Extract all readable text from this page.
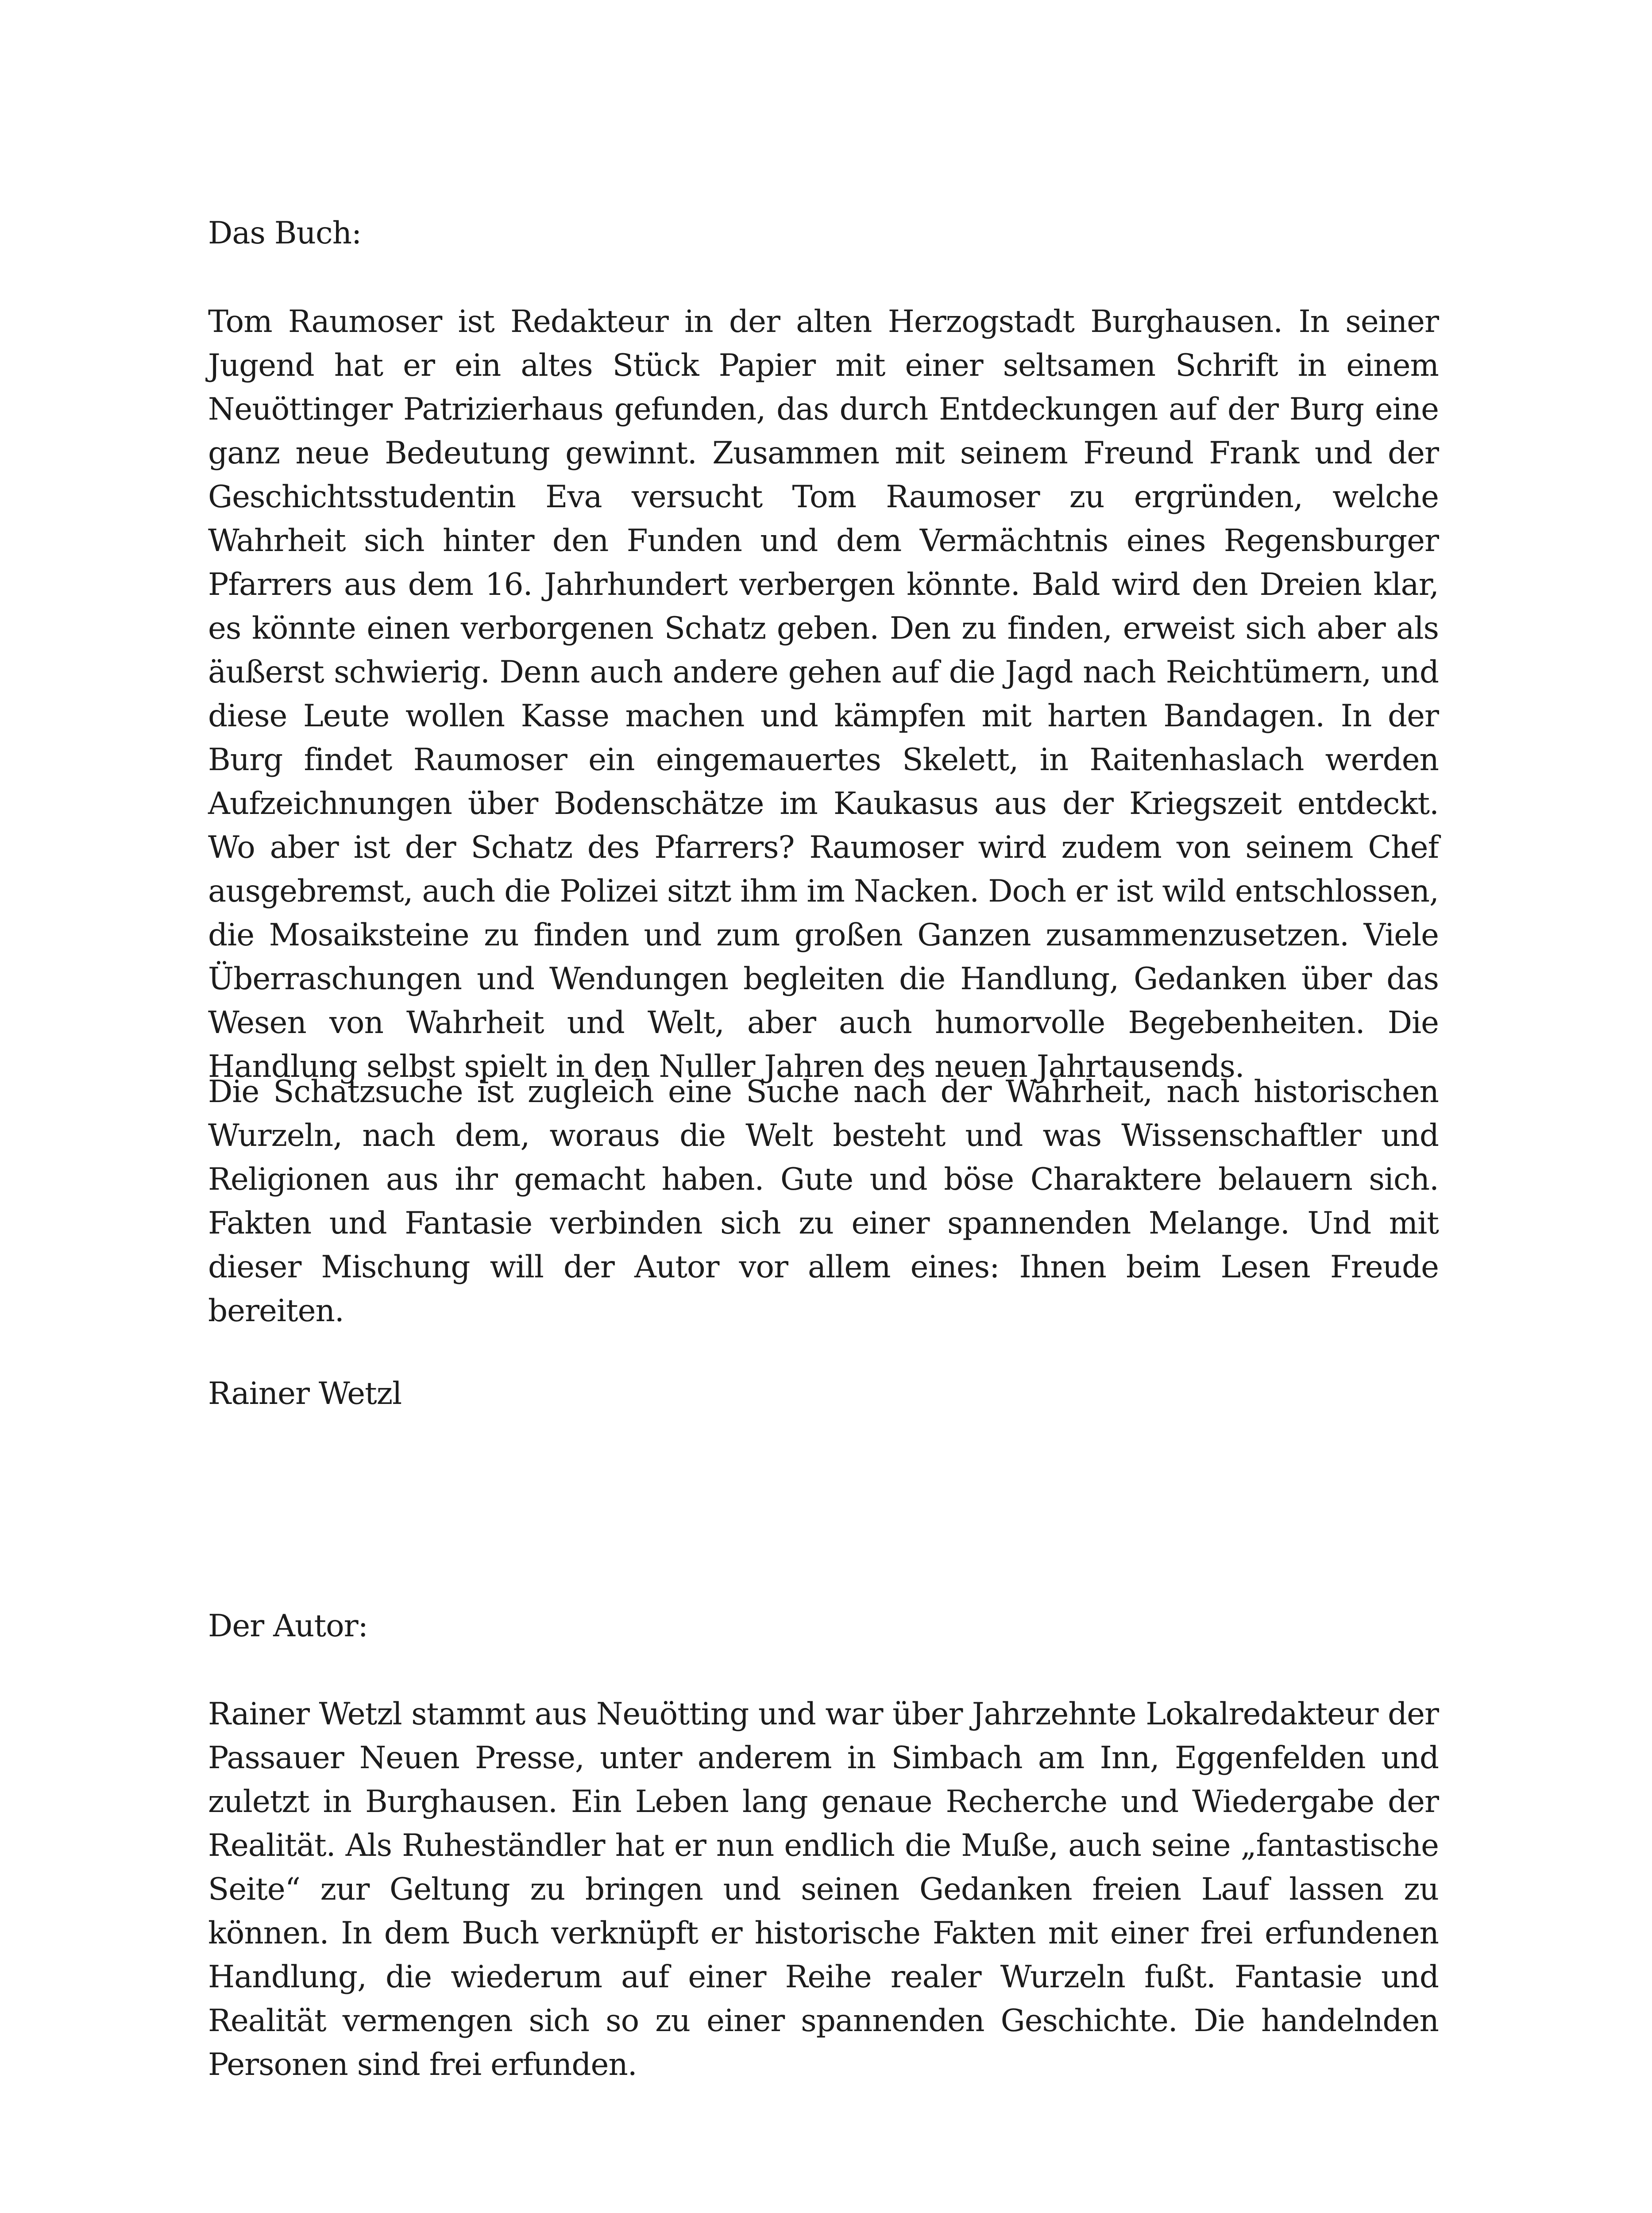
Das Buch:

Tom Raumoser ist Redakteur in der alten Herzogstadt Burghausen. In seiner Jugend hat er ein altes Stück Papier mit einer seltsamen Schrift in einem Neuöttinger Patrizierhaus gefunden, das durch Entdeckungen auf der Burg eine ganz neue Bedeutung gewinnt. Zusammen mit seinem Freund Frank und der Geschichtsstudentin Eva versucht Tom Raumoser zu ergründen, welche Wahrheit sich hinter den Funden und dem Vermächtnis eines Regensburger Pfarrers aus dem 16. Jahrhundert verbergen könnte. Bald wird den Dreien klar, es könnte einen verborgenen Schatz geben. Den zu finden, erweist sich aber als äußerst schwierig. Denn auch andere gehen auf die Jagd nach Reichtümern, und diese Leute wollen Kasse machen und kämpfen mit harten Bandagen. In der Burg findet Raumoser ein eingemauertes Skelett, in Raitenhaslach werden Aufzeichnungen über Bodenschätze im Kaukasus aus der Kriegszeit entdeckt. Wo aber ist der Schatz des Pfarrers? Raumoser wird zudem von seinem Chef ausgebremst, auch die Polizei sitzt ihm im Nacken. Doch er ist wild entschlossen, die Mosaiksteine zu finden und zum großen Ganzen zusammenzusetzen. Viele Überraschungen und Wendungen begleiten die Handlung, Gedanken über das Wesen von Wahrheit und Welt, aber auch humorvolle Begebenheiten. Die Handlung selbst spielt in den Nuller Jahren des neuen Jahrtausends.

Die Schatzsuche ist zugleich eine Suche nach der Wahrheit, nach historischen Wurzeln, nach dem, woraus die Welt besteht und was Wissenschaftler und Religionen aus ihr gemacht haben. Gute und böse Charaktere belauern sich. Fakten und Fantasie verbinden sich zu einer spannenden Melange. Und mit dieser Mischung will der Autor vor allem eines: Ihnen beim Lesen Freude bereiten.

Rainer Wetzl

Der Autor:

Rainer Wetzl stammt aus Neuötting und war über Jahrzehnte Lokalredakteur der Passauer Neuen Presse, unter anderem in Simbach am Inn, Eggenfelden und zuletzt in Burghausen. Ein Leben lang genaue Recherche und Wiedergabe der Realität. Als Ruheständler hat er nun endlich die Muße, auch seine „fantastische Seite“ zur Geltung zu bringen und seinen Gedanken freien Lauf lassen zu können. In dem Buch verknüpft er historische Fakten mit einer frei erfundenen Handlung, die wiederum auf einer Reihe realer Wurzeln fußt. Fantasie und Realität vermengen sich so zu einer spannenden Geschichte. Die handelnden Personen sind frei erfunden.
